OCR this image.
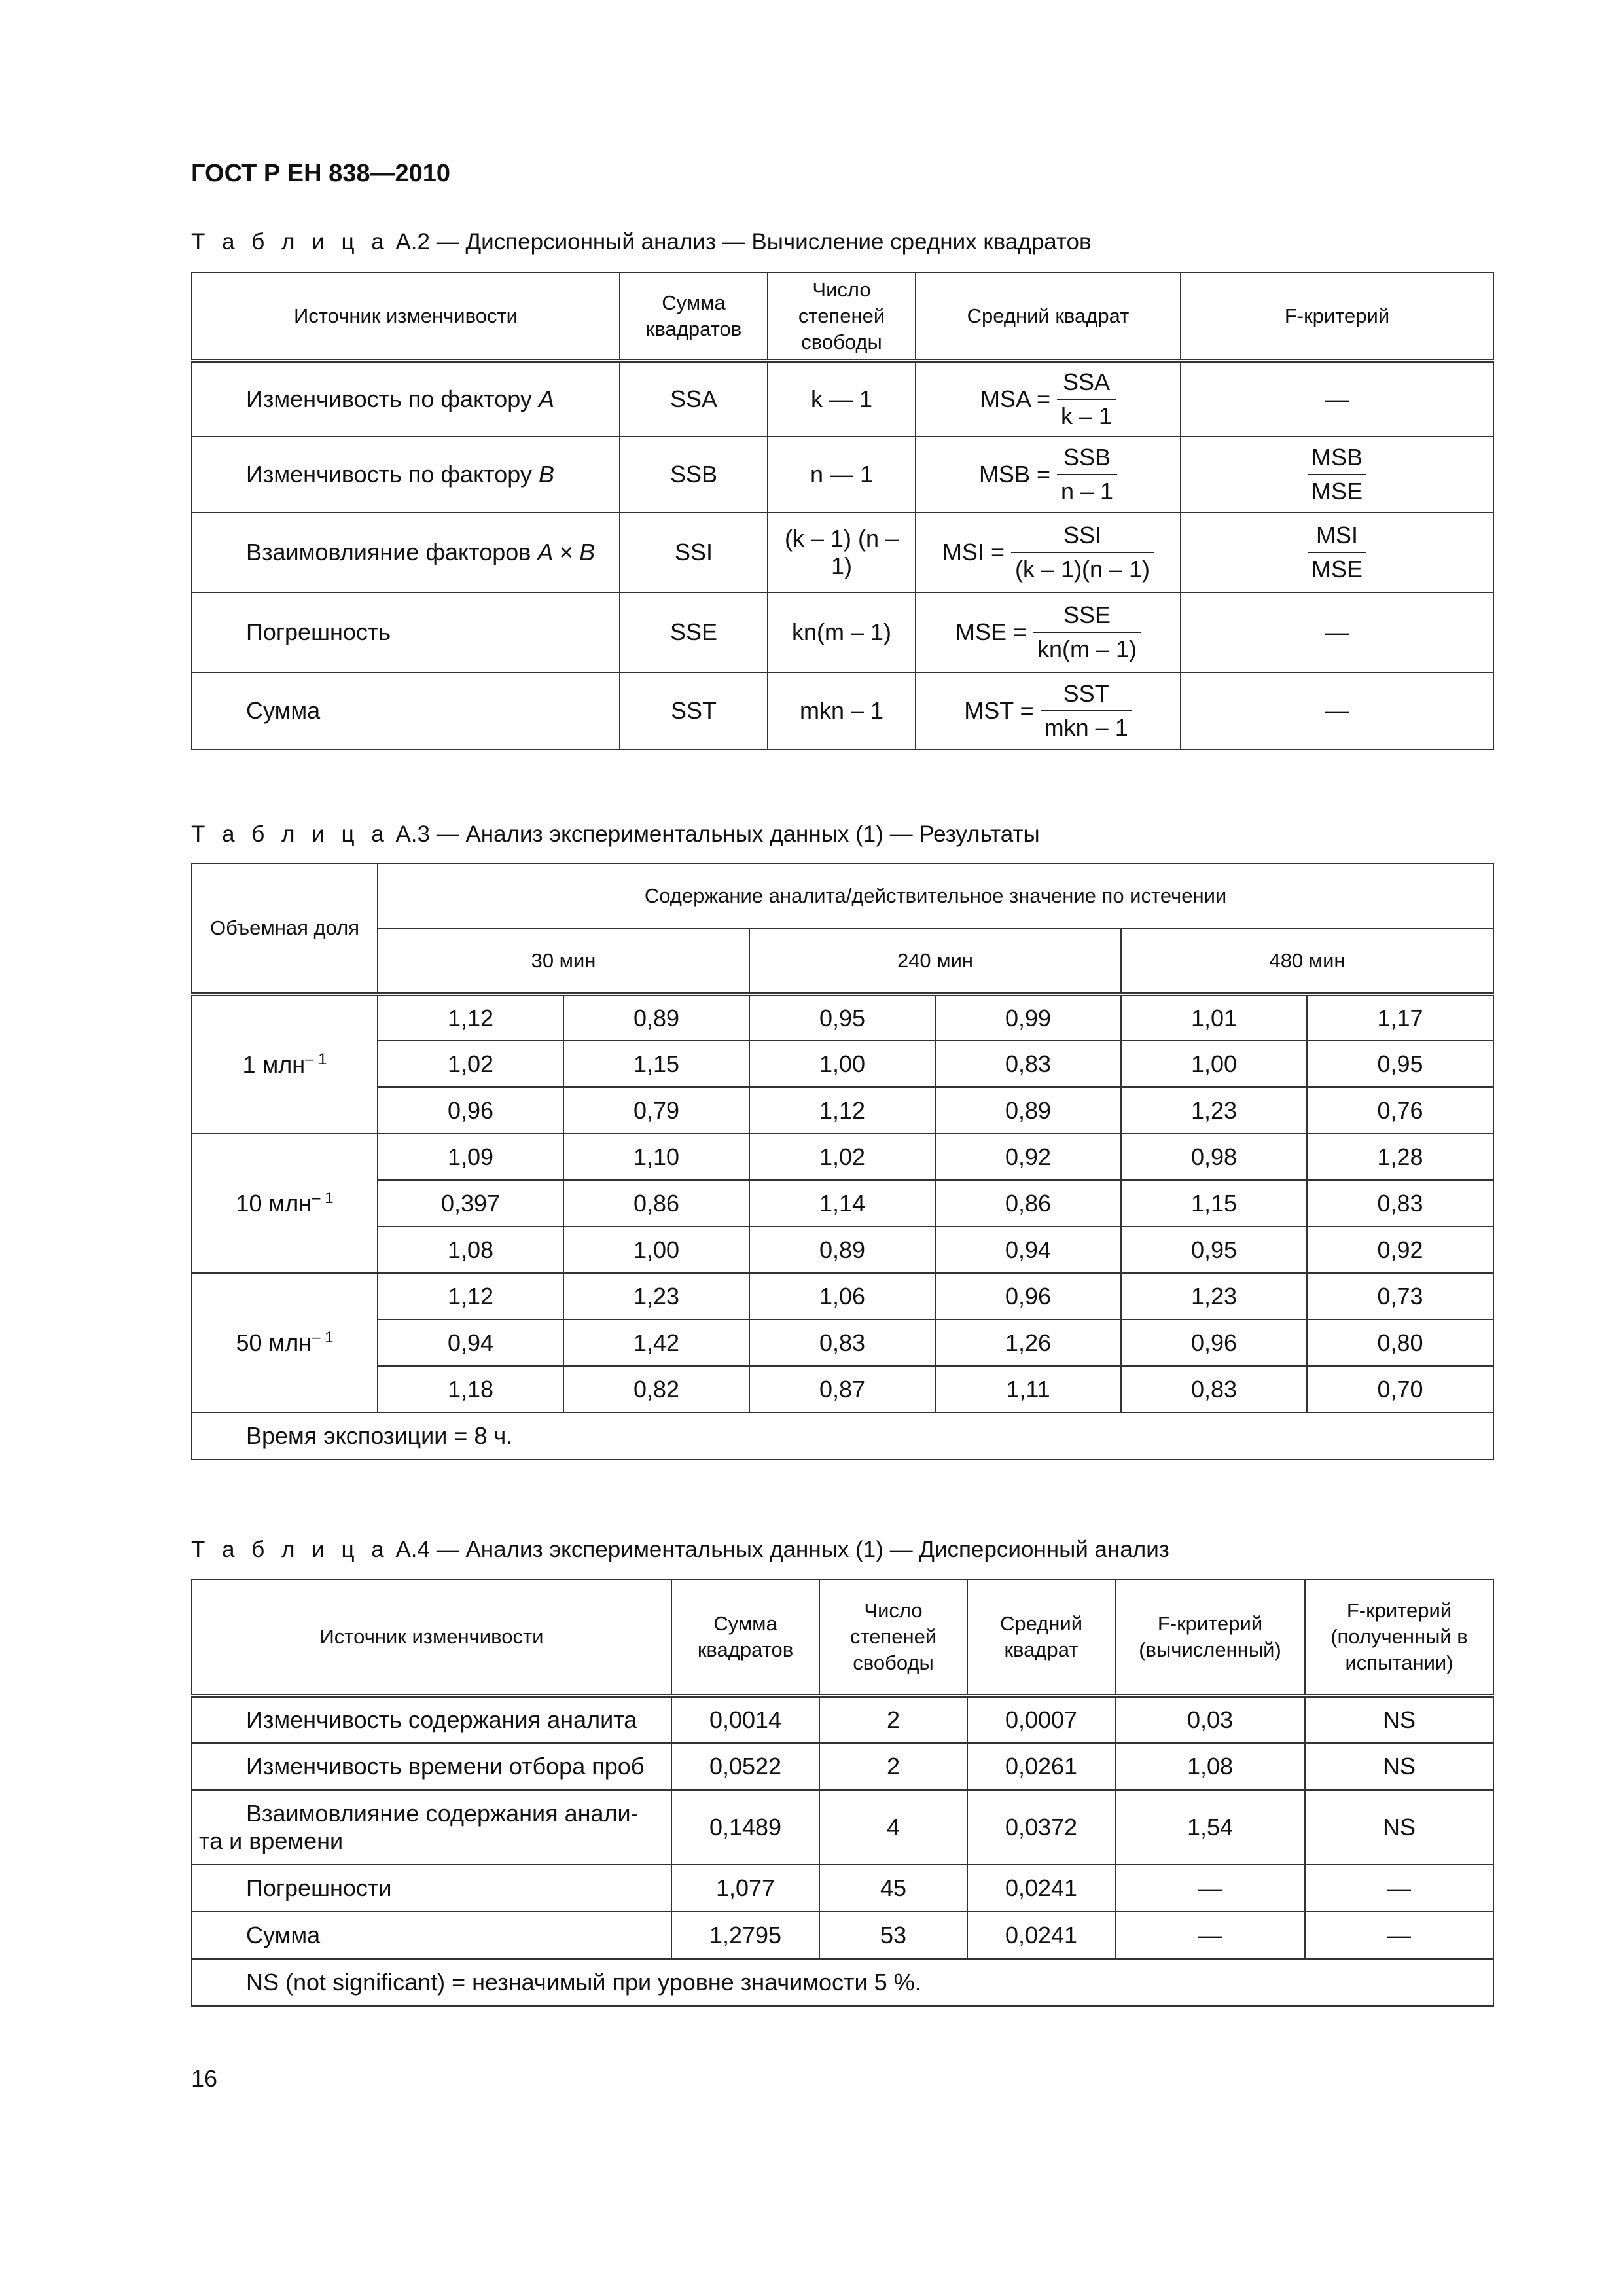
ГОСТ Р ЕН 838—2010
Т а б л и ц а А.2 — Дисперсионный анализ — Вычисление средних квадратов
Источник изменчивости	Сумма квадратов	Число степеней свободы	Средний квадрат	F-критерий
Изменчивость по фактору A	SSA	k — 1	MSA = $\frac{\text{SSA}}{k - 1}$	—
Изменчивость по фактору B	SSB	n — 1	MSB = $\frac{\text{SSB}}{n - 1}$	$\frac{\text{MSB}}{\text{MSE}}$

Взаимовлияние факторов A × B	SSI	(k – 1) (n – 1)	MSI = $\frac{\text{SSI}}{(k - 1)(n - 1)}$	$\frac{\text{MSI}}{\text{MSE}}$

Погрешность	SSE	kn(m – 1)	MSE = $\frac{\text{SSE}}{kn(m - 1)}$	—
Сумма	SST	mkn – 1	MST = $\frac{\text{SST}}{\text{mkn – 1}}$	—
Т а б л и ц а А.3 — Анализ экспериментальных данных (1) — Результаты
Объемная доля	Содержание аналита/действительное значение по истечении					
	30 мин		240 мин		480 мин	
1 млн$^{- 1}$	1,12	0,89	0,95	0,99	1,01	1,17
	1,02	1,15	1,00	0,83	1,00	0,95
	0,96	0,79	1,12	0,89	1,23	0,76
10 млн$^{- 1}$	1,09	1,10	1,02	0,92	0,98	1,28
	0,397	0,86	1,14	0,86	1,15	0,83
	1,08	1,00	0,89	0,94	0,95	0,92
50 млн$^{- 1}$	1,12	1,23	1,06	0,96	1,23	0,73
	0,94	1,42	0,83	1,26	0,96	0,80
	1,18	0,82	0,87	1,11	0,83	0,70
Время экспозиции = 8 ч.						
Т а б л и ц а А.4 — Анализ экспериментальных данных (1) — Дисперсионный анализ
Источник изменчивости	Сумма квадратов	Число степеней свободы	Средний квадрат	F-критерий (вычисленный)	F-критерий (полученный в испытании)
Изменчивость содержания аналита	0,0014	2	0,0007	0,03	NS
Изменчивость времени отбора проб	0,0522	2	0,0261	1,08	NS
Взаимовлияние содержания анали-
та и времени	0,1489	4	0,0372	1,54	NS
Погрешности	1,077	45	0,0241	—	—
Сумма	1,2795	53	0,0241	—	—
NS (not significant) = незначимый при уровне значимости 5 %.					
16
